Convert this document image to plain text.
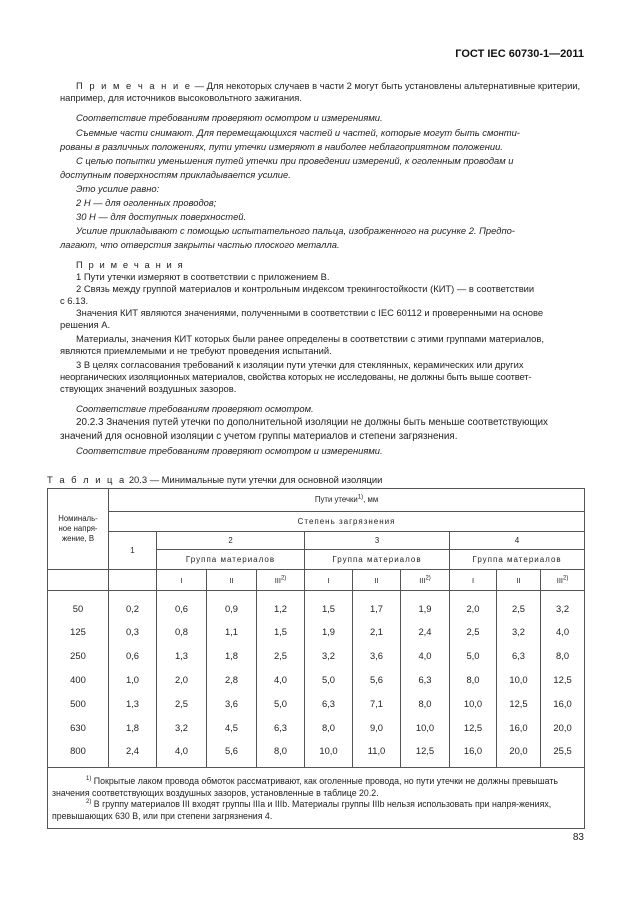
ГОСТ IEC 60730-1—2011
П р и м е ч а н и е — Для некоторых случаев в части 2 могут быть установлены альтернативные критерии,
например, для источников высоковольтного зажигания.
Соответствие требованиям проверяют осмотром и измерениями.
Съемные части снимают. Для перемещающихся частей и частей, которые могут быть смонти-
рованы в различных положениях, пути утечки измеряют в наиболее неблагоприятном положении.
С целью попытки уменьшения путей утечки при проведении измерений, к оголенным проводам и
доступным поверхностям прикладывается усилие.
Это усилие равно:
2 Н — для оголенных проводов;
30 Н — для доступных поверхностей.
Усилие прикладывают с помощью испытательного пальца, изображенного на рисунке 2. Предпо-
лагают, что отверстия закрыты частью плоского металла.
П р и м е ч а н и я
1 Пути утечки измеряют в соответствии с приложением В.
2 Связь между группой материалов и контрольным индексом трекингостойкости (КИТ) — в соответствии
с 6.13.
Значения КИТ являются значениями, полученными в соответствии с IEC 60112 и проверенными на основе
решения А.
Материалы, значения КИТ которых были ранее определены в соответствии с этими группами материалов,
являются приемлемыми и не требуют проведения испытаний.
3 В целях согласования требований к изоляции пути утечки для стеклянных, керамических или других
неорганических изоляционных материалов, свойства которых не исследованы, не должны быть выше соответ-
ствующих значений воздушных зазоров.
Соответствие требованиям проверяют осмотром.
20.2.3 Значения путей утечки по дополнительной изоляции не должны быть меньше соответствующих
значений для основной изоляции с учетом группы материалов и степени загрязнения.
Соответствие требованиям проверяют осмотром и измерениями.
Т а б л и ц а 20.3 — Минимальные пути утечки для основной изоляции
Номиналь-
ное напря-
жение, В	Пути утечки$^{1)}$, мм									
	Степень загрязнения									
	1	2			3			4		
		Группа материалов			Группа материалов			Группа материалов		
		I	II	III$^{2)}$	I	II	III$^{2)}$	I	II	III$^{2)}$
50	0,2	0,6	0,9	1,2	1,5	1,7	1,9	2,0	2,5	3,2
125	0,3	0,8	1,1	1,5	1,9	2,1	2,4	2,5	3,2	4,0
250	0,6	1,3	1,8	2,5	3,2	3,6	4,0	5,0	6,3	8,0
400	1,0	2,0	2,8	4,0	5,0	5,6	6,3	8,0	10,0	12,5
500	1,3	2,5	3,6	5,0	6,3	7,1	8,0	10,0	12,5	16,0
630	1,8	3,2	4,5	6,3	8,0	9,0	10,0	12,5	16,0	20,0
800	2,4	4,0	5,6	8,0	10,0	11,0	12,5	16,0	20,0	25,5

$^{1)}$ Покрытые лаком провода обмоток рассматривают, как оголенные провода, но пути утечки не должны превышать значения соответствующих воздушных зазоров, установленные в таблице 20.2.

$^{2)}$ В группу материалов III входят группы IIIa и IIIb. Материалы группы IIIb нельзя использовать при напря-жениях, превышающих 630 В, или при степени загрязнения 4.										

83
